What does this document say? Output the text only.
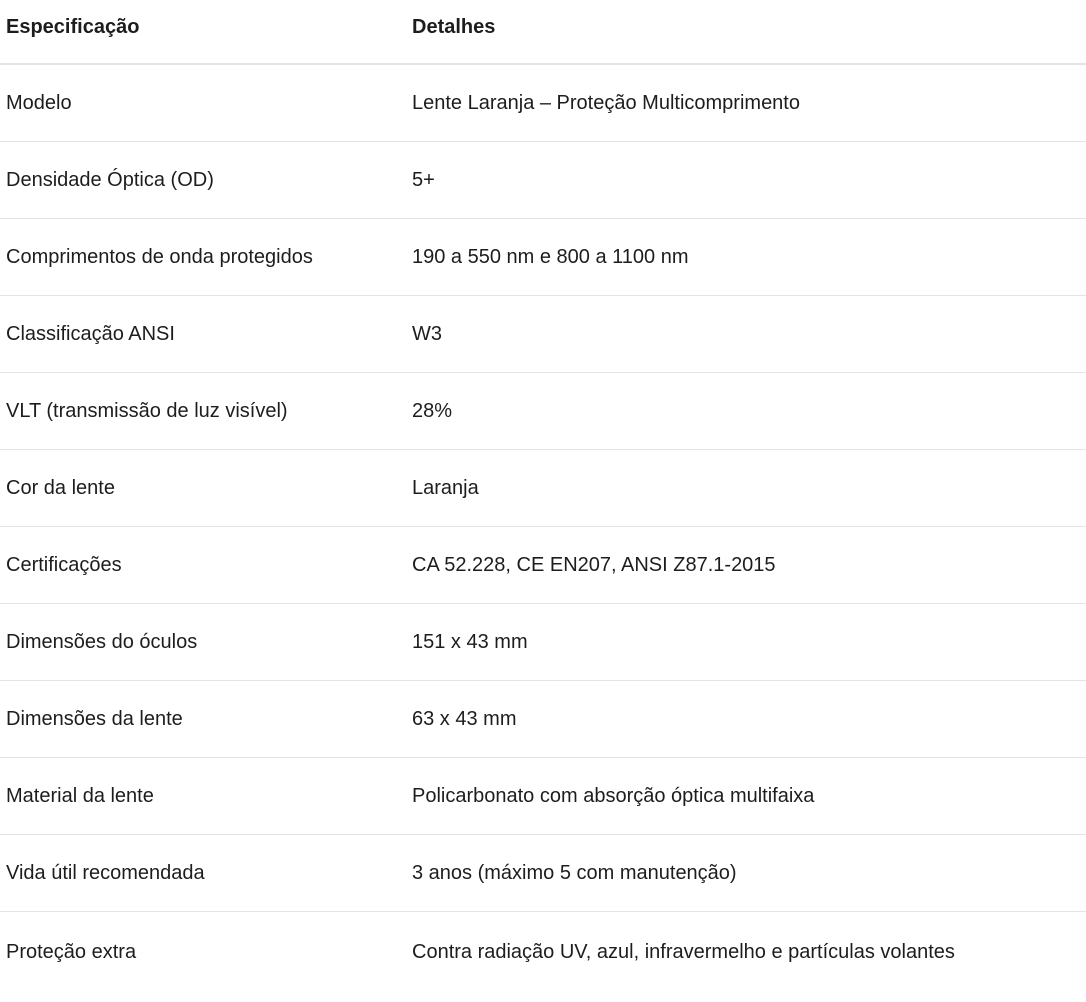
Especificação	Detalhes
Modelo	Lente Laranja – Proteção Multicomprimento
Densidade Óptica (OD)	5+
Comprimentos de onda protegidos	190 a 550 nm e 800 a 1100 nm
Classificação ANSI	W3
VLT (transmissão de luz visível)	28%
Cor da lente	Laranja
Certificações	CA 52.228, CE EN207, ANSI Z87.1-2015
Dimensões do óculos	151 x 43 mm
Dimensões da lente	63 x 43 mm
Material da lente	Policarbonato com absorção óptica multifaixa
Vida útil recomendada	3 anos (máximo 5 com manutenção)
Proteção extra	Contra radiação UV, azul, infravermelho e partículas volantes
